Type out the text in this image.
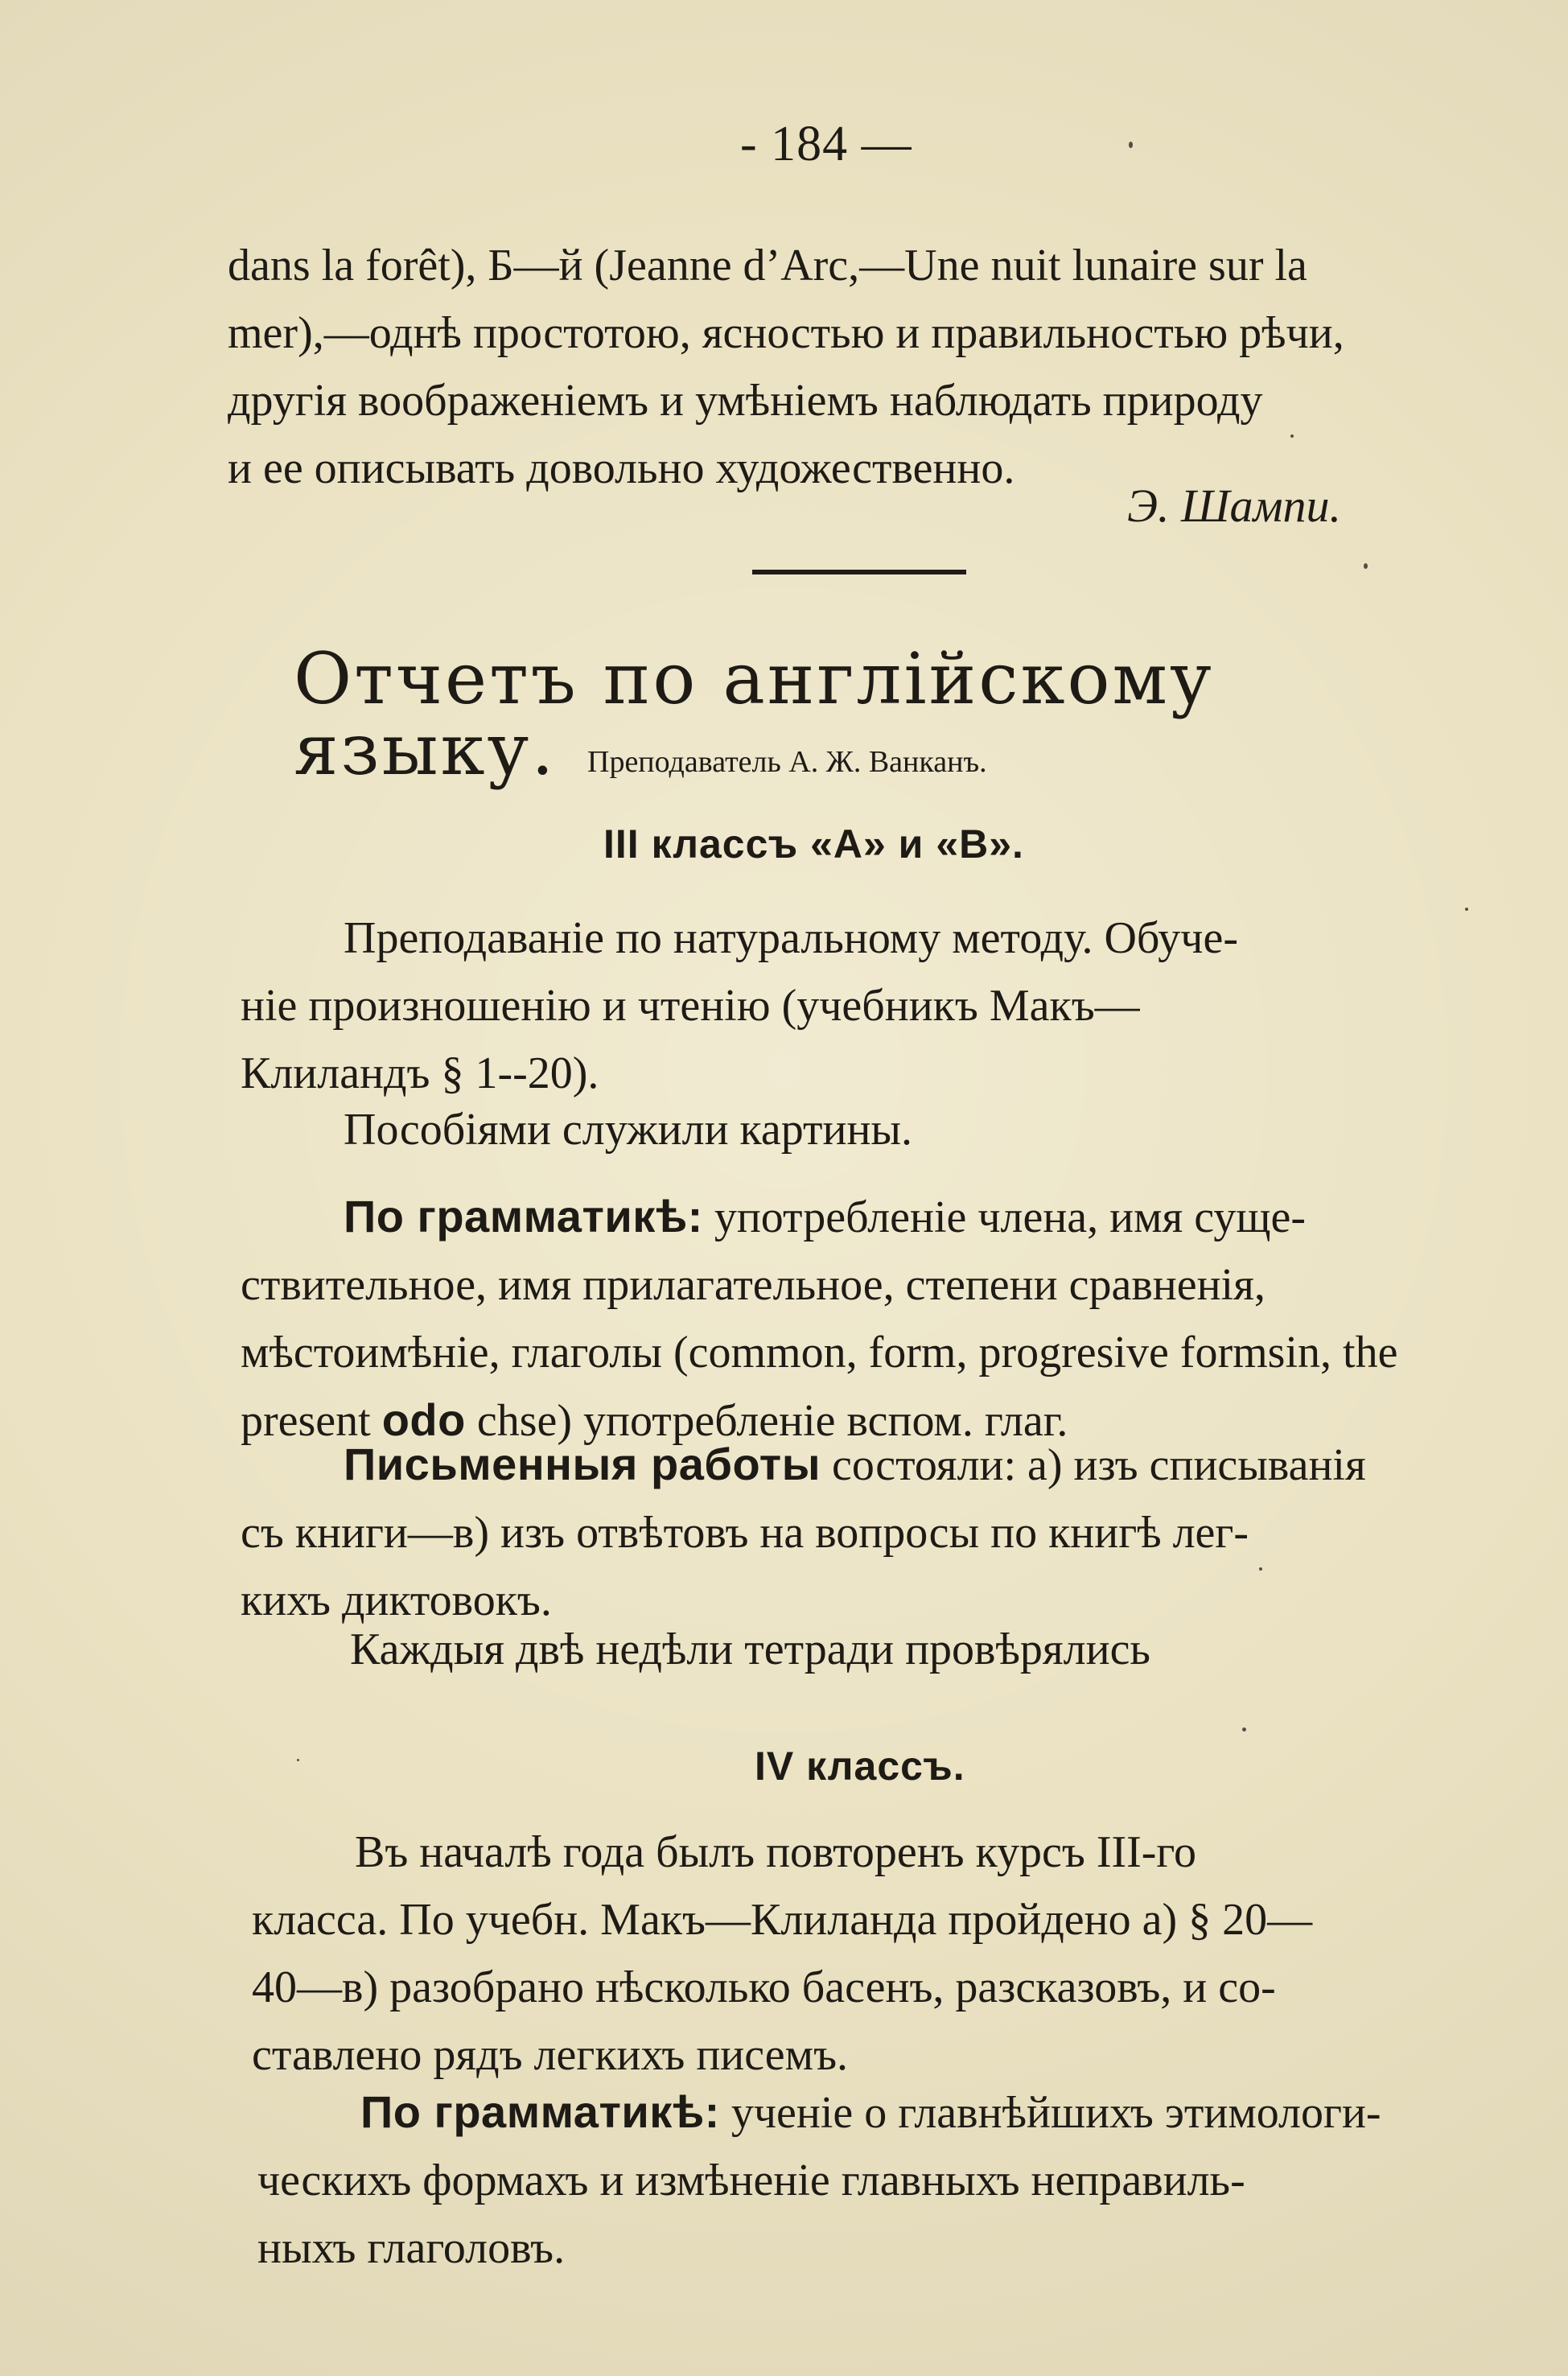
- 184 —
dans la forêt), Б—й (Jeanne d’Arc,—Une nuit lunaire sur la
mer),—однѣ простотою, ясностью и правильностью рѣчи,
другія воображеніемъ и умѣніемъ наблюдать природу
и ее описывать довольно художественно.
Э. Шампи.
Отчетъ по англійскому языку.	Преподаватель А. Ж. Ванканъ.
III классъ «А» и «В».
Преподаваніе по натуральному методу. Обуче-
ніе произношенію и чтенію (учебникъ Макъ—
Клиландъ § 1--20).
Пособіями служили картины.
По грамматикѣ: употребленіе члена, имя суще-
ствительное, имя прилагательное, степени сравненія,
мѣстоимѣніе, глаголы (common, form, progresive formsin, the
present odo chse) употребленіе вспом. глаг.
Письменныя работы состояли: а) изъ списыванія
съ книги—в) изъ отвѣтовъ на вопросы по книгѣ лег-
кихъ диктовокъ.
Каждыя двѣ недѣли тетради провѣрялись
IV классъ.
Въ началѣ года былъ повторенъ курсъ III-го
класса. По учебн. Макъ—Клиланда пройдено а) § 20—
40—в) разобрано нѣсколько басенъ, разсказовъ, и со-
ставлено рядъ легкихъ писемъ.
По грамматикѣ: ученіе о главнѣйшихъ этимологи-
ческихъ формахъ и измѣненіе главныхъ неправиль-
ныхъ глаголовъ.
